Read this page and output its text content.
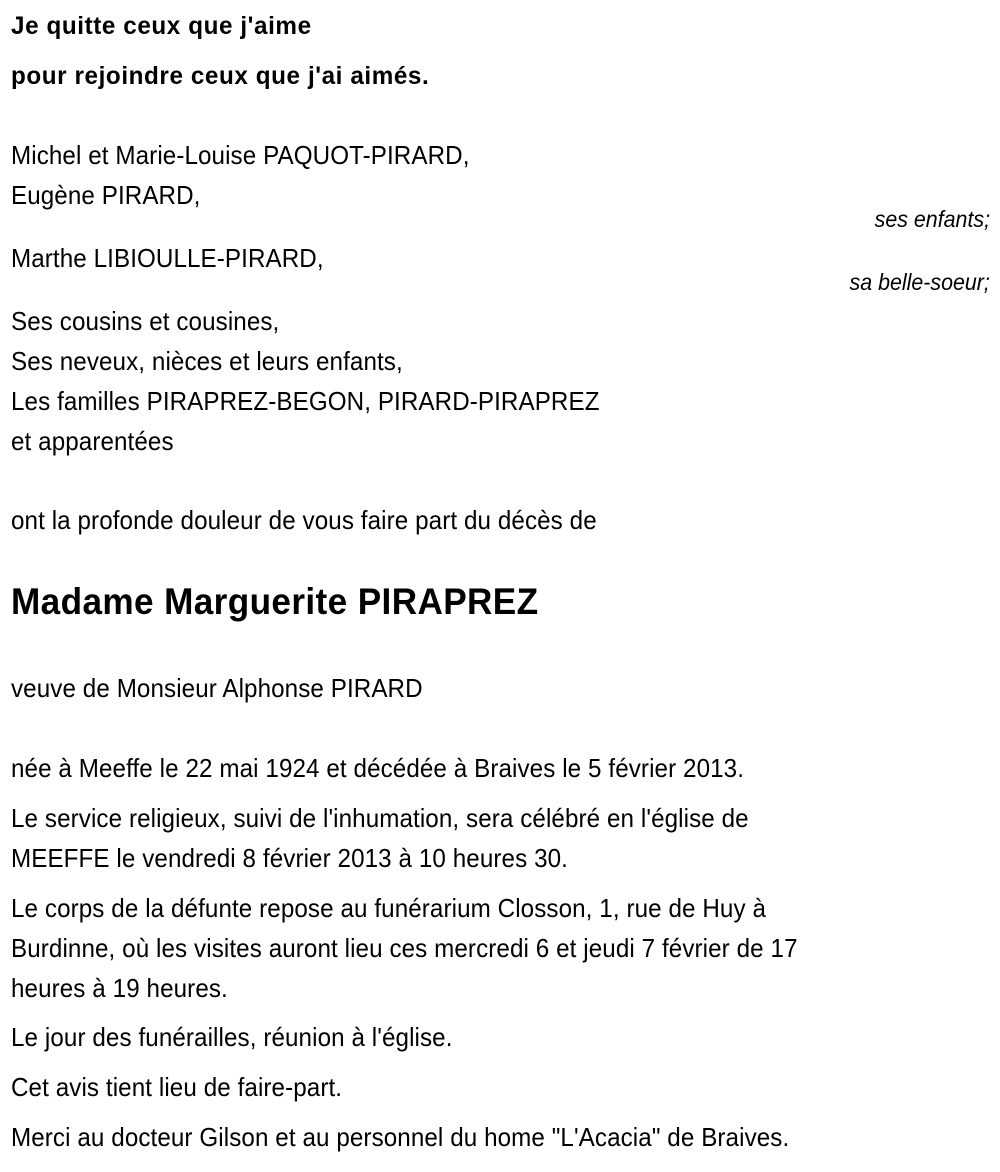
Je quitte ceux que j'aime
pour rejoindre ceux que j'ai aimés.
Michel et Marie-Louise PAQUOT-PIRARD,
Eugène PIRARD,
ses enfants;
Marthe LIBIOULLE-PIRARD,
sa belle-soeur;
Ses cousins et cousines,
Ses neveux, nièces et leurs enfants,
Les familles PIRAPREZ-BEGON, PIRARD-PIRAPREZ
et apparentées
ont la profonde douleur de vous faire part du décès de
Madame Marguerite PIRAPREZ
veuve de Monsieur Alphonse PIRARD
née à Meeffe le 22 mai 1924 et décédée à Braives le 5 février 2013.
Le service religieux, suivi de l'inhumation, sera célébré en l'église de
MEEFFE le vendredi 8 février 2013 à 10 heures 30.
Le corps de la défunte repose au funérarium Closson, 1, rue de Huy à
Burdinne, où les visites auront lieu ces mercredi 6 et jeudi 7 février de 17
heures à 19 heures.
Le jour des funérailles, réunion à l'église.
Cet avis tient lieu de faire-part.
Merci au docteur Gilson et au personnel du home "L'Acacia" de Braives.
